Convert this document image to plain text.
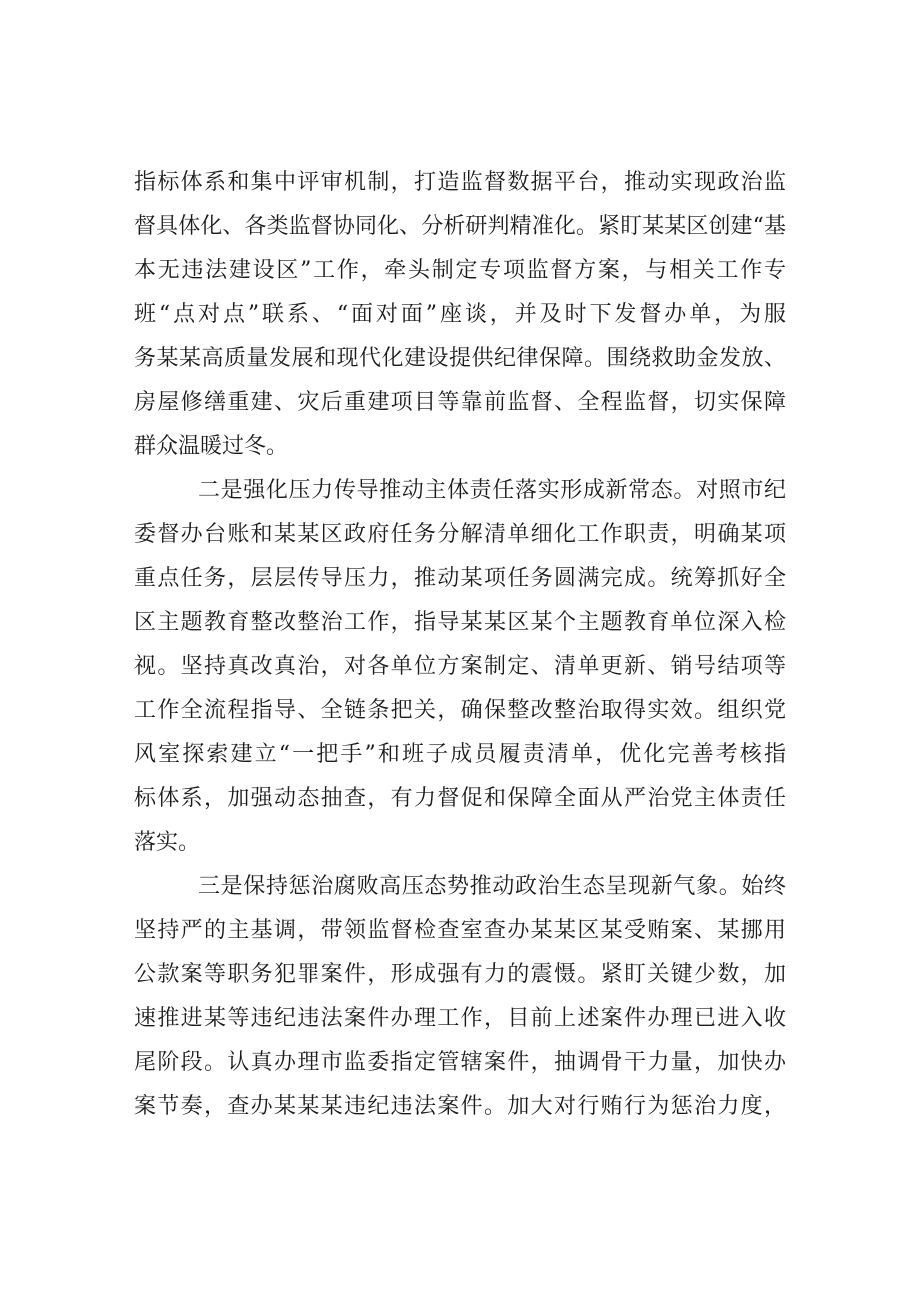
指标体系和集中评审机制，打造监督数据平台，推动实现政治监
督具体化、各类监督协同化、分析研判精准化。紧盯某某区创建“基
本无违法建设区”工作，牵头制定专项监督方案，与相关工作专
班“点对点”联系、“面对面”座谈，并及时下发督办单，为服
务某某高质量发展和现代化建设提供纪律保障。围绕救助金发放、
房屋修缮重建、灾后重建项目等靠前监督、全程监督，切实保障
群众温暖过冬。
二是强化压力传导推动主体责任落实形成新常态。对照市纪
委督办台账和某某区政府任务分解清单细化工作职责，明确某项
重点任务，层层传导压力，推动某项任务圆满完成。统筹抓好全
区主题教育整改整治工作，指导某某区某个主题教育单位深入检
视。坚持真改真治，对各单位方案制定、清单更新、销号结项等
工作全流程指导、全链条把关，确保整改整治取得实效。组织党
风室探索建立“一把手”和班子成员履责清单，优化完善考核指
标体系，加强动态抽查，有力督促和保障全面从严治党主体责任
落实。
三是保持惩治腐败高压态势推动政治生态呈现新气象。始终
坚持严的主基调，带领监督检查室查办某某区某受贿案、某挪用
公款案等职务犯罪案件，形成强有力的震慑。紧盯关键少数，加
速推进某等违纪违法案件办理工作，目前上述案件办理已进入收
尾阶段。认真办理市监委指定管辖案件，抽调骨干力量，加快办
案节奏，查办某某某违纪违法案件。加大对行贿行为惩治力度，
